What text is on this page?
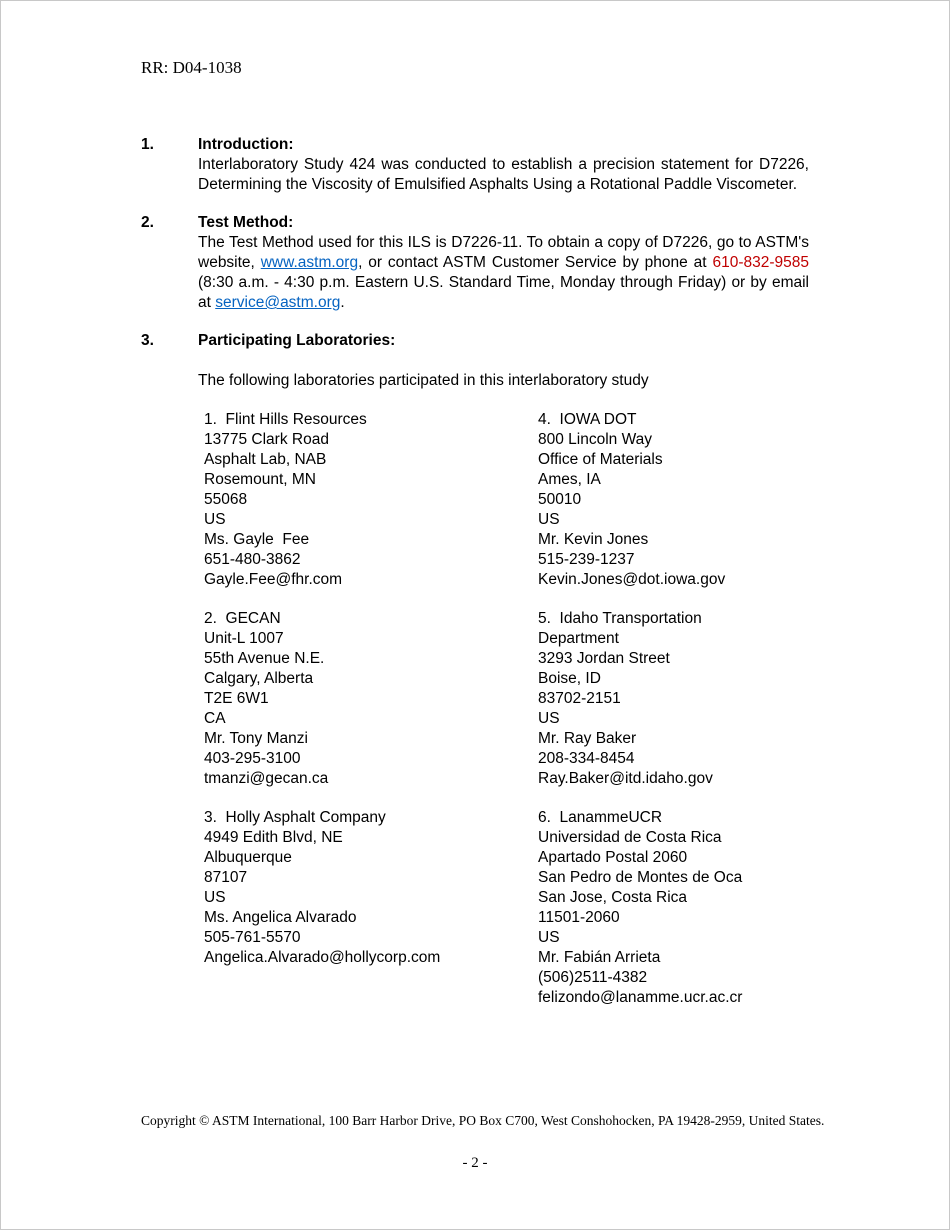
RR: D04-1038
1.	Introduction:

Interlaboratory Study 424 was conducted to establish a precision statement for D7226, Determining the Viscosity of Emulsified Asphalts Using a Rotational Paddle Viscometer.

2.	Test Method:

The Test Method used for this ILS is D7226-11. To obtain a copy of D7226, go to ASTM's website, www.astm.org, or contact ASTM Customer Service by phone at 610-832-9585 (8:30 a.m. - 4:30 p.m. Eastern U.S. Standard Time, Monday through Friday) or by email at service@astm.org.

3.	Participating Laboratories:

The following laboratories participated in this interlaboratory study

1.  Flint Hills Resources
13775 Clark Road
Asphalt Lab, NAB
Rosemount, MN
55068
US
Ms. Gayle  Fee
651-480-3862
Gayle.Fee@fhr.com
4.  IOWA DOT
800 Lincoln Way
Office of Materials
Ames, IA
50010
US
Mr. Kevin Jones
515-239-1237
Kevin.Jones@dot.iowa.gov
2.  GECAN
Unit-L 1007
55th Avenue N.E.
Calgary, Alberta
T2E 6W1
CA
Mr. Tony Manzi
403-295-3100
tmanzi@gecan.ca
5.  Idaho Transportation
Department
3293 Jordan Street
Boise, ID
83702-2151
US
Mr. Ray Baker
208-334-8454
Ray.Baker@itd.idaho.gov
3.  Holly Asphalt Company
4949 Edith Blvd, NE
Albuquerque
87107
US
Ms. Angelica Alvarado
505-761-5570
Angelica.Alvarado@hollycorp.com
6.  LanammeUCR
Universidad de Costa Rica
Apartado Postal 2060
San Pedro de Montes de Oca
San Jose, Costa Rica
11501-2060
US
Mr. Fabián Arrieta
(506)2511-4382
felizondo@lanamme.ucr.ac.cr
Copyright © ASTM International, 100 Barr Harbor Drive, PO Box C700, West Conshohocken, PA 19428-2959, United States.
- 2 -
